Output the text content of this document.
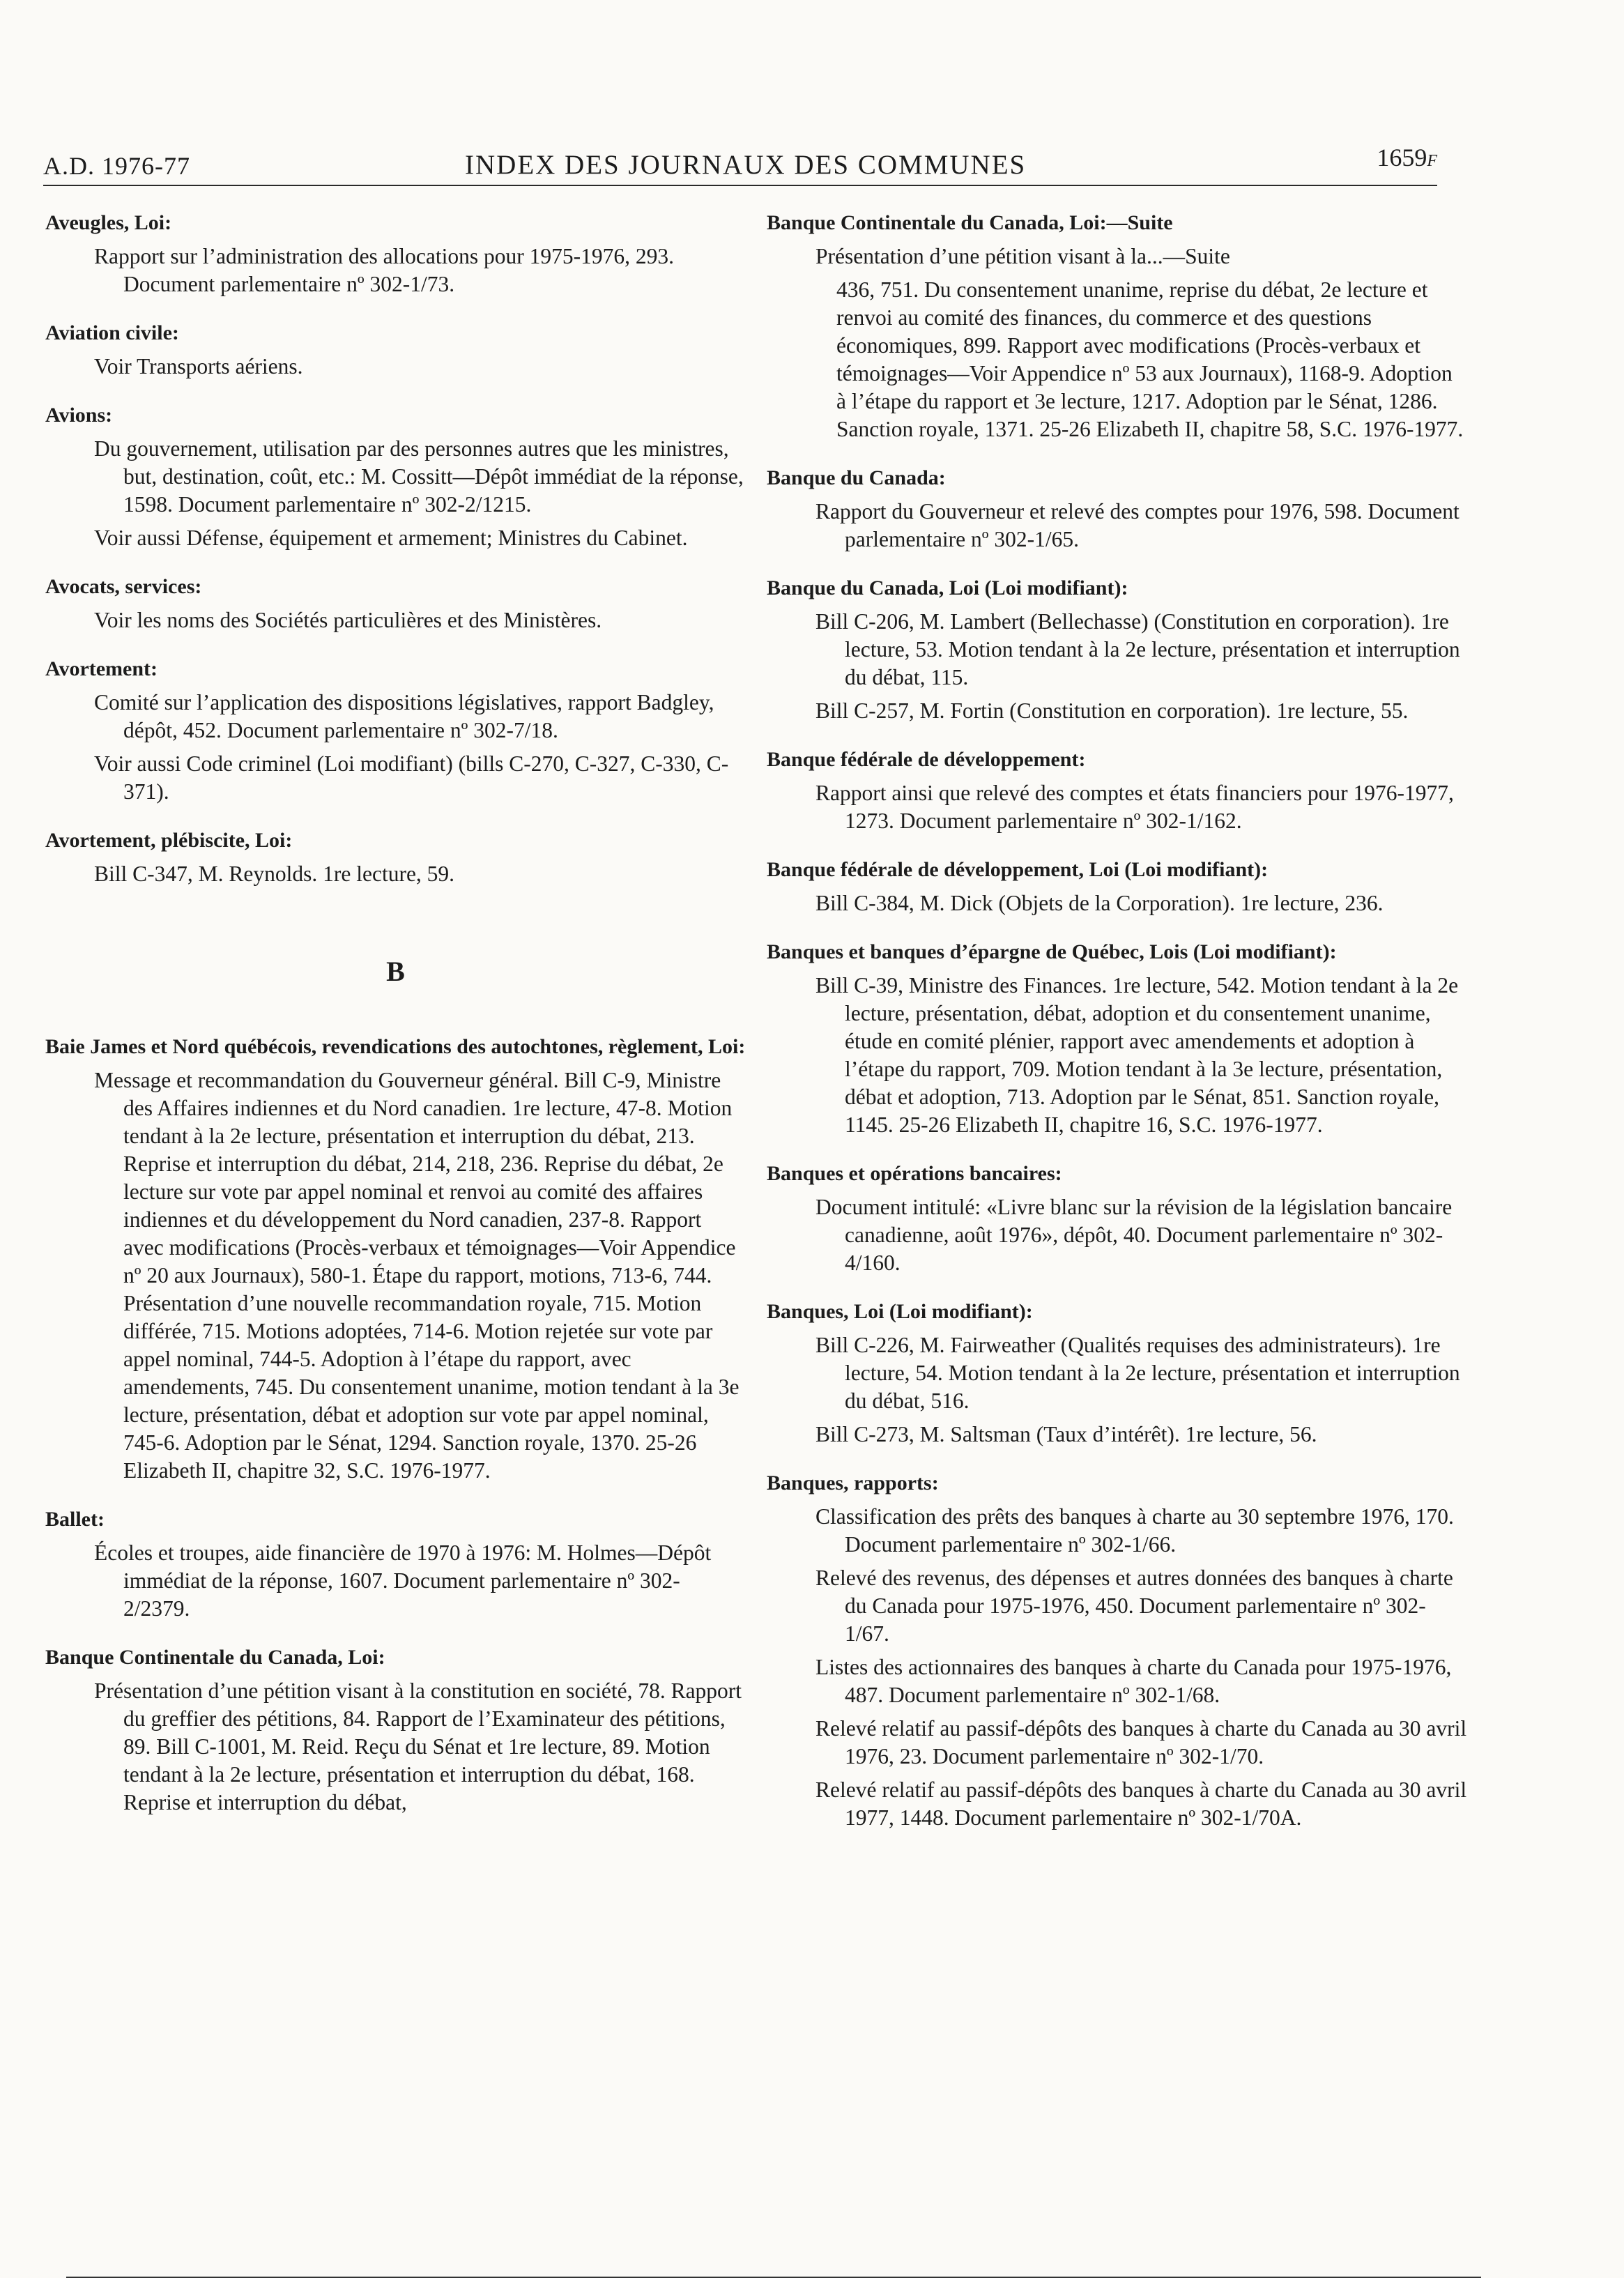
A.D. 1976-77	INDEX DES JOURNAUX DES COMMUNES	1659F
Aveugles, Loi:
Rapport sur l’administration des allocations pour 1975-1976, 293. Document parlementaire nº 302-1/73.
Aviation civile:
Voir Transports aériens.
Avions:
Du gouvernement, utilisation par des personnes autres que les ministres, but, destination, coût, etc.: M. Cossitt—Dépôt immédiat de la réponse, 1598. Document parlementaire nº 302-2/1215.
Voir aussi Défense, équipement et armement; Ministres du Cabinet.
Avocats, services:
Voir les noms des Sociétés particulières et des Ministères.
Avortement:
Comité sur l’application des dispositions législatives, rapport Badgley, dépôt, 452. Document parlementaire nº 302-7/18.
Voir aussi Code criminel (Loi modifiant) (bills C-270, C-327, C-330, C-371).
Avortement, plébiscite, Loi:
Bill C-347, M. Reynolds. 1re lecture, 59.
B
Baie James et Nord québécois, revendications des autochtones, règlement, Loi:
Message et recommandation du Gouverneur général. Bill C-9, Ministre des Affaires indiennes et du Nord canadien. 1re lecture, 47-8. Motion tendant à la 2e lecture, présentation et interruption du débat, 213. Reprise et interruption du débat, 214, 218, 236. Reprise du débat, 2e lecture sur vote par appel nominal et renvoi au comité des affaires indiennes et du développement du Nord canadien, 237-8. Rapport avec modifications (Procès-verbaux et témoignages—Voir Appendice nº 20 aux Journaux), 580-1. Étape du rapport, motions, 713-6, 744. Présentation d’une nouvelle recommandation royale, 715. Motion différée, 715. Motions adoptées, 714-6. Motion rejetée sur vote par appel nominal, 744-5. Adoption à l’étape du rapport, avec amendements, 745. Du consentement unanime, motion tendant à la 3e lecture, présentation, débat et adoption sur vote par appel nominal, 745-6. Adoption par le Sénat, 1294. Sanction royale, 1370. 25-26 Elizabeth II, chapitre 32, S.C. 1976-1977.
Ballet:
Écoles et troupes, aide financière de 1970 à 1976: M. Holmes—Dépôt immédiat de la réponse, 1607. Document parlementaire nº 302-2/2379.
Banque Continentale du Canada, Loi:
Présentation d’une pétition visant à la constitution en société, 78. Rapport du greffier des pétitions, 84. Rapport de l’Examinateur des pétitions, 89. Bill C-1001, M. Reid. Reçu du Sénat et 1re lecture, 89. Motion tendant à la 2e lecture, présentation et interruption du débat, 168. Reprise et interruption du débat,
Banque Continentale du Canada, Loi:—Suite
Présentation d’une pétition visant à la...—Suite
436, 751. Du consentement unanime, reprise du débat, 2e lecture et renvoi au comité des finances, du commerce et des questions économiques, 899. Rapport avec modifications (Procès-verbaux et témoignages—Voir Appendice nº 53 aux Journaux), 1168-9. Adoption à l’étape du rapport et 3e lecture, 1217. Adoption par le Sénat, 1286. Sanction royale, 1371. 25-26 Elizabeth II, chapitre 58, S.C. 1976-1977.
Banque du Canada:
Rapport du Gouverneur et relevé des comptes pour 1976, 598. Document parlementaire nº 302-1/65.
Banque du Canada, Loi (Loi modifiant):
Bill C-206, M. Lambert (Bellechasse) (Constitution en corporation). 1re lecture, 53. Motion tendant à la 2e lecture, présentation et interruption du débat, 115.
Bill C-257, M. Fortin (Constitution en corporation). 1re lecture, 55.
Banque fédérale de développement:
Rapport ainsi que relevé des comptes et états financiers pour 1976-1977, 1273. Document parlementaire nº 302-1/162.
Banque fédérale de développement, Loi (Loi modifiant):
Bill C-384, M. Dick (Objets de la Corporation). 1re lecture, 236.
Banques et banques d’épargne de Québec, Lois (Loi modifiant):
Bill C-39, Ministre des Finances. 1re lecture, 542. Motion tendant à la 2e lecture, présentation, débat, adoption et du consentement unanime, étude en comité plénier, rapport avec amendements et adoption à l’étape du rapport, 709. Motion tendant à la 3e lecture, présentation, débat et adoption, 713. Adoption par le Sénat, 851. Sanction royale, 1145. 25-26 Elizabeth II, chapitre 16, S.C. 1976-1977.
Banques et opérations bancaires:
Document intitulé: «Livre blanc sur la révision de la législation bancaire canadienne, août 1976», dépôt, 40. Document parlementaire nº 302-4/160.
Banques, Loi (Loi modifiant):
Bill C-226, M. Fairweather (Qualités requises des administrateurs). 1re lecture, 54. Motion tendant à la 2e lecture, présentation et interruption du débat, 516.
Bill C-273, M. Saltsman (Taux d’intérêt). 1re lecture, 56.
Banques, rapports:
Classification des prêts des banques à charte au 30 septembre 1976, 170. Document parlementaire nº 302-1/66.
Relevé des revenus, des dépenses et autres données des banques à charte du Canada pour 1975-1976, 450. Document parlementaire nº 302-1/67.
Listes des actionnaires des banques à charte du Canada pour 1975-1976, 487. Document parlementaire nº 302-1/68.
Relevé relatif au passif-dépôts des banques à charte du Canada au 30 avril 1976, 23. Document parlementaire nº 302-1/70.
Relevé relatif au passif-dépôts des banques à charte du Canada au 30 avril 1977, 1448. Document parlementaire nº 302-1/70A.
